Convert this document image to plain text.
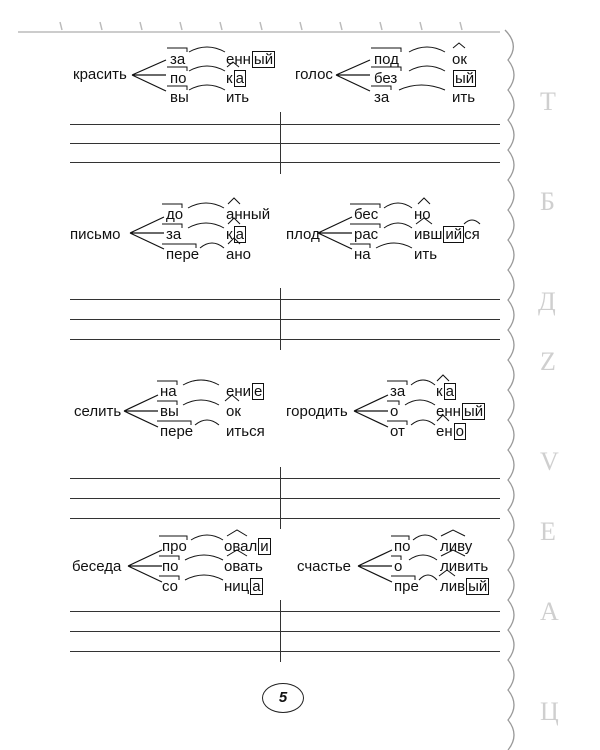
Т
Б
Д
Z
V
Е
А
Ц
красить
за	енн ый
по	к а
вы ить
голос
под	ок
без	ый
за	ить
письмо
до	анный
за	к а
пере ано
плод
бес но
рас ивш ий ся
на	ить
селить
на	ени е
вы	ок
пере иться
городить
за к а
о	енн ый
от ен о
беседа
про овал и
по	овать
со	ниц а
счастье
по ливу
о	ливить
пре лив ый
5
